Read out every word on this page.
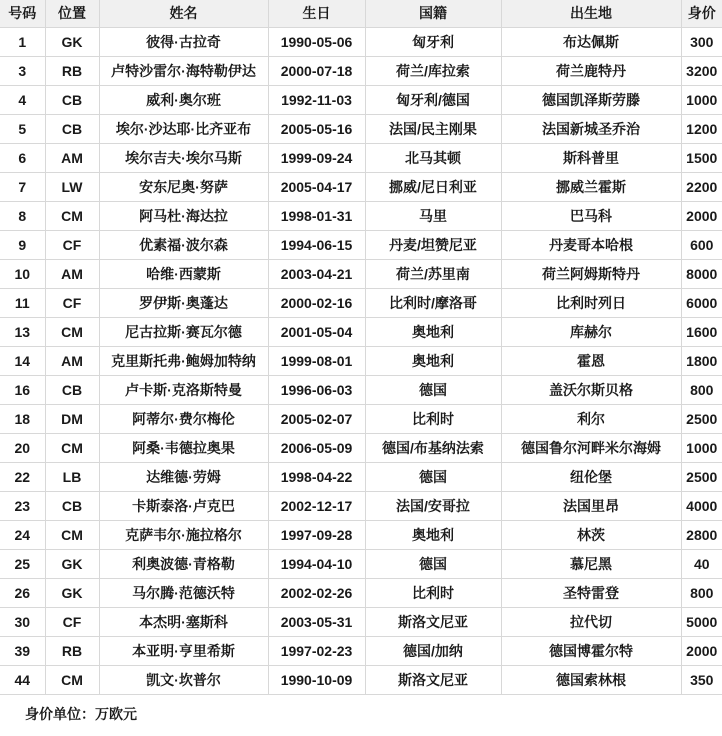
号码	位置	姓名	生日	国籍	出生地	身价
1	GK	彼得·古拉奇	1990-05-06	匈牙利	布达佩斯	300
3	RB	卢特沙雷尔·海特勒伊达	2000-07-18	荷兰/库拉索	荷兰鹿特丹	3200
4	CB	威利·奥尔班	1992-11-03	匈牙利/德国	德国凯泽斯劳滕	1000
5	CB	埃尔·沙达耶·比齐亚布	2005-05-16	法国/民主刚果	法国新城圣乔治	1200
6	AM	埃尔吉夫·埃尔马斯	1999-09-24	北马其顿	斯科普里	1500
7	LW	安东尼奥·努萨	2005-04-17	挪威/尼日利亚	挪威兰霍斯	2200
8	CM	阿马杜·海达拉	1998-01-31	马里	巴马科	2000
9	CF	优素福·波尔森	1994-06-15	丹麦/坦赞尼亚	丹麦哥本哈根	600
10	AM	哈维·西蒙斯	2003-04-21	荷兰/苏里南	荷兰阿姆斯特丹	8000
11	CF	罗伊斯·奥蓬达	2000-02-16	比利时/摩洛哥	比利时列日	6000
13	CM	尼古拉斯·赛瓦尔德	2001-05-04	奥地利	库赫尔	1600
14	AM	克里斯托弗·鲍姆加特纳	1999-08-01	奥地利	霍恩	1800
16	CB	卢卡斯·克洛斯特曼	1996-06-03	德国	盖沃尔斯贝格	800
18	DM	阿蒂尔·费尔梅伦	2005-02-07	比利时	利尔	2500
20	CM	阿桑·韦德拉奥果	2006-05-09	德国/布基纳法索	德国鲁尔河畔米尔海姆	1000
22	LB	达维德·劳姆	1998-04-22	德国	纽伦堡	2500
23	CB	卡斯泰洛·卢克巴	2002-12-17	法国/安哥拉	法国里昂	4000
24	CM	克萨韦尔·施拉格尔	1997-09-28	奥地利	林茨	2800
25	GK	利奥波德·青格勒	1994-04-10	德国	慕尼黑	40
26	GK	马尔腾·范德沃特	2002-02-26	比利时	圣特雷登	800
30	CF	本杰明·塞斯科	2003-05-31	斯洛文尼亚	拉代切	5000
39	RB	本亚明·亨里希斯	1997-02-23	德国/加纳	德国博霍尔特	2000
44	CM	凯文·坎普尔	1990-10-09	斯洛文尼亚	德国索林根	350
身价单位：万欧元
